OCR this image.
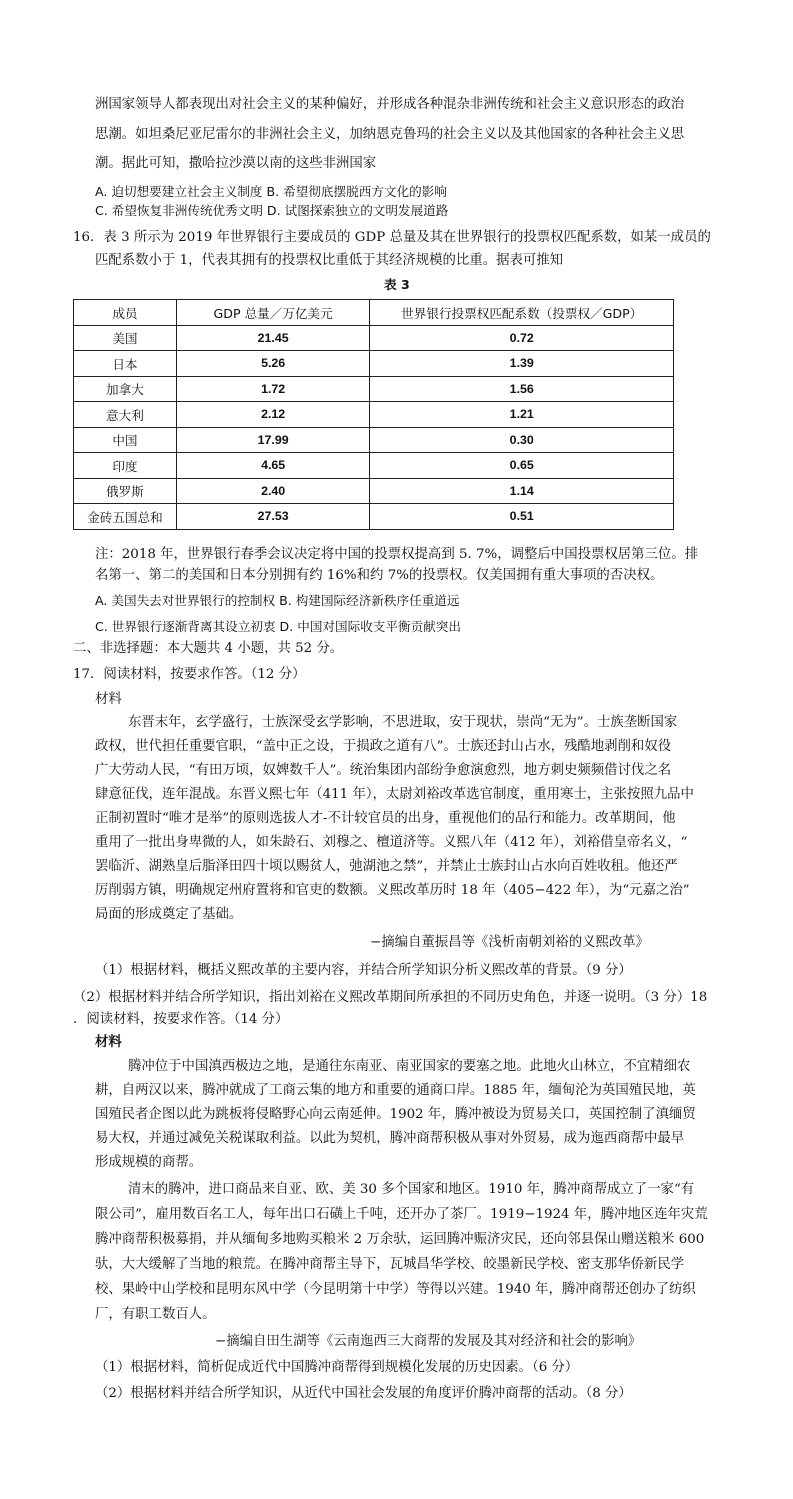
洲国家领导人都表现出对社会主义的某种偏好，并形成各种混杂非洲传统和社会主义意识形态的政治
思潮。如坦桑尼亚尼雷尔的非洲社会主义，加纳恩克鲁玛的社会主义以及其他国家的各种社会主义思
潮。据此可知，撒哈拉沙漠以南的这些非洲国家
A. 迫切想要建立社会主义制度 B. 希望彻底摆脱西方文化的影响
C. 希望恢复非洲传统优秀文明 D. 试图探索独立的文明发展道路
16．表 3 所示为 2019 年世界银行主要成员的 GDP 总量及其在世界银行的投票权匹配系数，如某一成员的
匹配系数小于 1，代表其拥有的投票权比重低于其经济规模的比重。据表可推知
表 3
成员	GDP 总量／万亿美元	世界银行投票权匹配系数（投票权／GDP）
美国	21.45	0.72
日本	5.26	1.39
加拿大	1.72	1.56
意大利	2.12	1.21
中国	17.99	0.30
印度	4.65	0.65
俄罗斯	2.40	1.14
金砖五国总和	27.53	0.51
注：2018 年，世界银行春季会议决定将中国的投票权提高到 5. 7%，调整后中国投票权居第三位。排
名第一、第二的美国和日本分别拥有约 16%和约 7%的投票权。仅美国拥有重大事项的否决权。
A. 美国失去对世界银行的控制权 B. 构建国际经济新秩序任重道远
C. 世界银行逐渐背离其设立初衷 D. 中国对国际收支平衡贡献突出
二、非选择题：本大题共 4 小题，共 52 分。
17．阅读材料，按要求作答。（12 分）
材料
东晋末年，玄学盛行，士族深受玄学影响，不思进取，安于现状，崇尚“无为”。士族垄断国家
政权，世代担任重要官职，“盖中正之设，于损政之道有八”。士族还封山占水，残酷地剥削和奴役
广大劳动人民，“有田万顷，奴婢数千人”。统治集团内部纷争愈演愈烈，地方刺史频频借讨伐之名
肆意征伐，连年混战。东晋义熙七年（411 年），太尉刘裕改革选官制度，重用寒士，主张按照九品中
正制初置时“唯才是举”的原则选拔人才-不计较官员的出身，重视他们的品行和能力。改革期间，他
重用了一批出身卑微的人，如朱龄石、刘穆之、檀道济等。义熙八年（412 年），刘裕借皇帝名义，“
罢临沂、湖熟皇后脂泽田四十顷以赐贫人，弛湖池之禁”，并禁止士族封山占水向百姓收租。他还严
厉削弱方镇，明确规定州府置将和官吏的数额。义熙改革历时 18 年（405−422 年），为“元嘉之治”
局面的形成奠定了基础。
−摘编自董振昌等《浅析南朝刘裕的义熙改革》
（1）根据材料，概括义熙改革的主要内容，并结合所学知识分析义熙改革的背景。（9 分）
（2）根据材料并结合所学知识，指出刘裕在义熙改革期间所承担的不同历史角色，并逐一说明。（3 分）18
．阅读材料，按要求作答。（14 分）
材料
腾冲位于中国滇西极边之地，是通往东南亚、南亚国家的要塞之地。此地火山林立，不宜精细农
耕，自两汉以来，腾冲就成了工商云集的地方和重要的通商口岸。1885 年，缅甸沦为英国殖民地，英
国殖民者企图以此为跳板将侵略野心向云南延伸。1902 年，腾冲被设为贸易关口，英国控制了滇缅贸
易大权，并通过减免关税谋取利益。以此为契机，腾冲商帮积极从事对外贸易，成为迤西商帮中最早
形成规模的商帮。
清末的腾冲，进口商品来自亚、欧、美 30 多个国家和地区。1910 年，腾冲商帮成立了一家“有
限公司”，雇用数百名工人，每年出口石磺上千吨，还开办了茶厂。1919−1924 年，腾冲地区连年灾荒
腾冲商帮积极募捐，并从缅甸多地购买粮米 2 万余驮，运回腾冲赈济灾民，还向邻县保山赠送粮米 600
驮，大大缓解了当地的粮荒。在腾冲商帮主导下，瓦城昌华学校、皎墨新民学校、密支那华侨新民学
校、果岭中山学校和昆明东风中学（今昆明第十中学）等得以兴建。1940 年，腾冲商帮还创办了纺织
厂，有职工数百人。
−摘编自田生湖等《云南迤西三大商帮的发展及其对经济和社会的影响》
（1）根据材料，简析促成近代中国腾冲商帮得到规模化发展的历史因素。（6 分）
（2）根据材料并结合所学知识，从近代中国社会发展的角度评价腾冲商帮的活动。（8 分）
